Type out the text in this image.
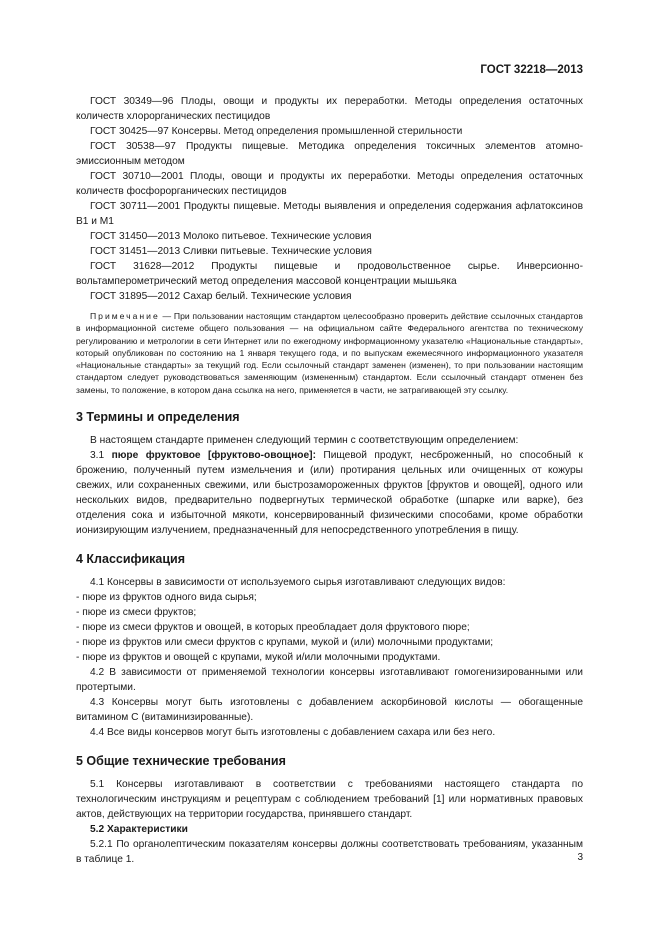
ГОСТ 32218—2013

ГОСТ 30349—96 Плоды, овощи и продукты их переработки. Методы определения остаточных количеств хлорорганических пестицидов

ГОСТ 30425—97 Консервы. Метод определения промышленной стерильности

ГОСТ 30538—97 Продукты пищевые. Методика определения токсичных элементов атомно-эмиссионным методом

ГОСТ 30710—2001 Плоды, овощи и продукты их переработки. Методы определения остаточных количеств фосфорорганических пестицидов

ГОСТ 30711—2001 Продукты пищевые. Методы выявления и определения содержания афлатоксинов B1 и M1

ГОСТ 31450—2013 Молоко питьевое. Технические условия

ГОСТ 31451—2013 Сливки питьевые. Технические условия

ГОСТ 31628—2012 Продукты пищевые и продовольственное сырье. Инверсионно-вольтамперометрический метод определения массовой концентрации мышьяка

ГОСТ 31895—2012 Сахар белый. Технические условия

Примечание — При пользовании настоящим стандартом целесообразно проверить действие ссылочных стандартов в информационной системе общего пользования — на официальном сайте Федерального агентства по техническому регулированию и метрологии в сети Интернет или по ежегодному информационному указателю «Национальные стандарты», который опубликован по состоянию на 1 января текущего года, и по выпускам ежемесячного информационного указателя «Национальные стандарты» за текущий год. Если ссылочный стандарт заменен (изменен), то при пользовании настоящим стандартом следует руководствоваться заменяющим (измененным) стандартом. Если ссылочный стандарт отменен без замены, то положение, в котором дана ссылка на него, применяется в части, не затрагивающей эту ссылку.

3 Термины и определения

В настоящем стандарте применен следующий термин с соответствующим определением:

3.1 пюре фруктовое [фруктово-овощное]: Пищевой продукт, несброженный, но способный к брожению, полученный путем измельчения и (или) протирания цельных или очищенных от кожуры свежих, или сохраненных свежими, или быстрозамороженных фруктов [фруктов и овощей], одного или нескольких видов, предварительно подвергнутых термической обработке (шпарке или варке), без отделения сока и избыточной мякоти, консервированный физическими способами, кроме обработки ионизирующим излучением, предназначенный для непосредственного употребления в пищу.

4 Классификация

4.1 Консервы в зависимости от используемого сырья изготавливают следующих видов:

- пюре из фруктов одного вида сырья;
- пюре из смеси фруктов;
- пюре из смеси фруктов и овощей, в которых преобладает доля фруктового пюре;
- пюре из фруктов или смеси фруктов с крупами, мукой и (или) молочными продуктами;
- пюре из фруктов и овощей с крупами, мукой и/или молочными продуктами.

4.2 В зависимости от применяемой технологии консервы изготавливают гомогенизированными или протертыми.

4.3 Консервы могут быть изготовлены с добавлением аскорбиновой кислоты — обогащенные витамином С (витаминизированные).

4.4 Все виды консервов могут быть изготовлены с добавлением сахара или без него.

5 Общие технические требования

5.1 Консервы изготавливают в соответствии с требованиями настоящего стандарта по технологическим инструкциям и рецептурам с соблюдением требований [1] или нормативных правовых актов, действующих на территории государства, принявшего стандарт.

5.2 Характеристики

5.2.1 По органолептическим показателям консервы должны соответствовать требованиям, указанным в таблице 1.	3
